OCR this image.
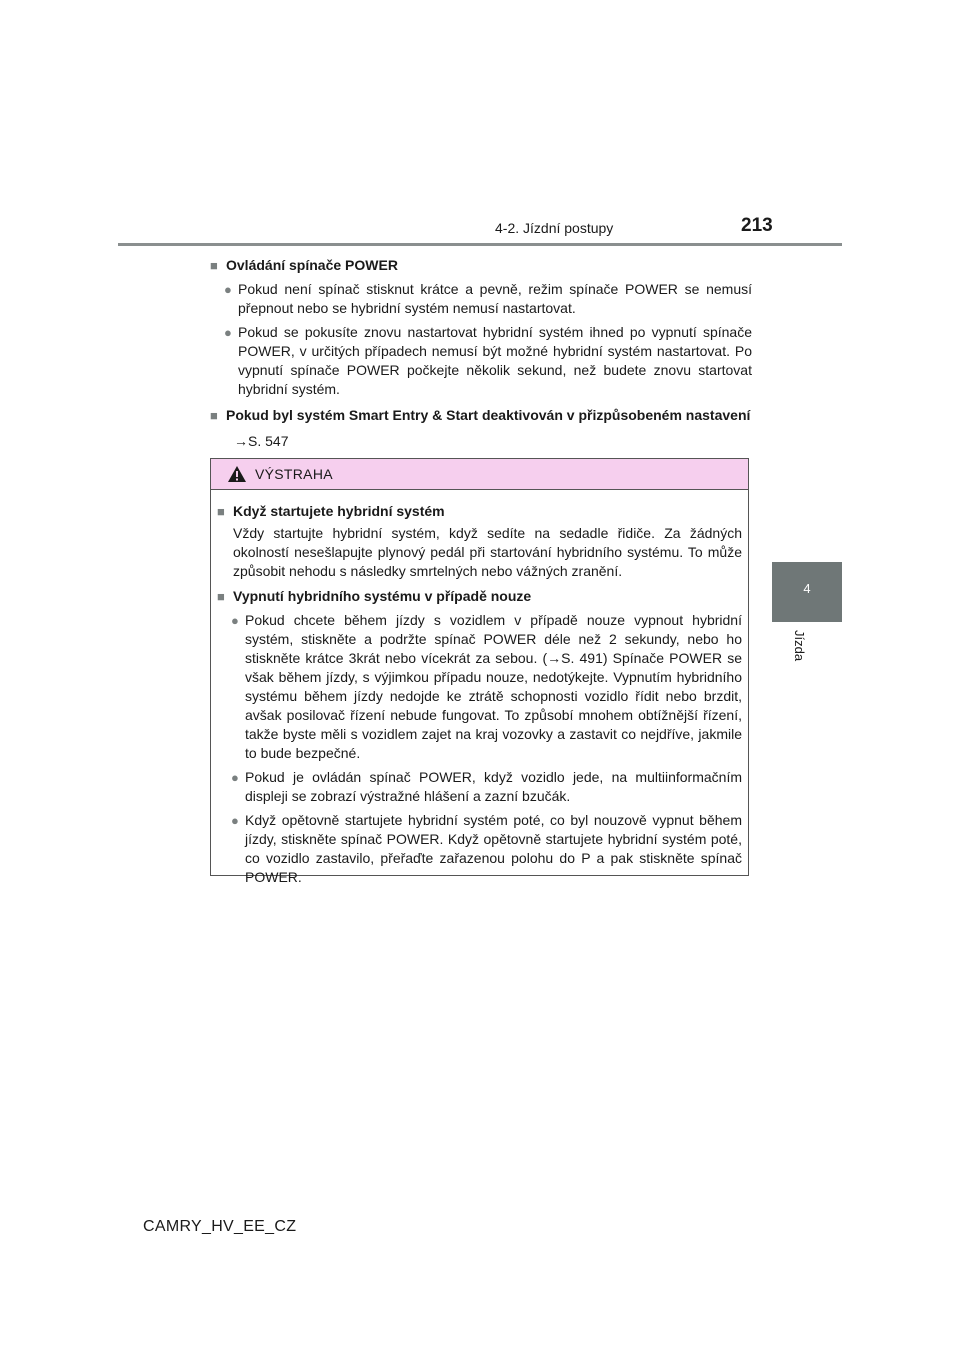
4-2. Jízdní postupy	213
4
Jízda
■ Ovládání spínače POWER
● Pokud není spínač stisknut krátce a pevně, režim spínače POWER se nemusí přepnout nebo se hybridní systém nemusí nastartovat.
● Pokud se pokusíte znovu nastartovat hybridní systém ihned po vypnutí spínače POWER, v určitých případech nemusí být možné hybridní systém nastartovat. Po vypnutí spínače POWER počkejte několik sekund, než budete znovu startovat hybridní systém.
■ Pokud byl systém Smart Entry & Start deaktivován v přizpůsobeném nastavení
→S. 547
VÝSTRAHA
■ Když startujete hybridní systém
Vždy startujte hybridní systém, když sedíte na sedadle řidiče. Za žádných okolností nesešlapujte plynový pedál při startování hybridního systému. To může způsobit nehodu s následky smrtelných nebo vážných zranění.
■ Vypnutí hybridního systému v případě nouze
● Pokud chcete během jízdy s vozidlem v případě nouze vypnout hybridní systém, stiskněte a podržte spínač POWER déle než 2 sekundy, nebo ho stiskněte krátce 3krát nebo vícekrát za sebou. (→S. 491) Spínače POWER se však během jízdy, s výjimkou případu nouze, nedotýkejte. Vypnutím hybridního systému během jízdy nedojde ke ztrátě schopnosti vozidlo řídit nebo brzdit, avšak posilovač řízení nebude fungovat. To způsobí mnohem obtížnější řízení, takže byste měli s vozidlem zajet na kraj vozovky a zastavit co nejdříve, jakmile to bude bezpečné.
● Pokud je ovládán spínač POWER, když vozidlo jede, na multiinformačním displeji se zobrazí výstražné hlášení a zazní bzučák.
● Když opětovně startujete hybridní systém poté, co byl nouzově vypnut během jízdy, stiskněte spínač POWER. Když opětovně startujete hybridní systém poté, co vozidlo zastavilo, přeřaďte zařazenou polohu do P a pak stiskněte spínač POWER.
CAMRY_HV_EE_CZ
